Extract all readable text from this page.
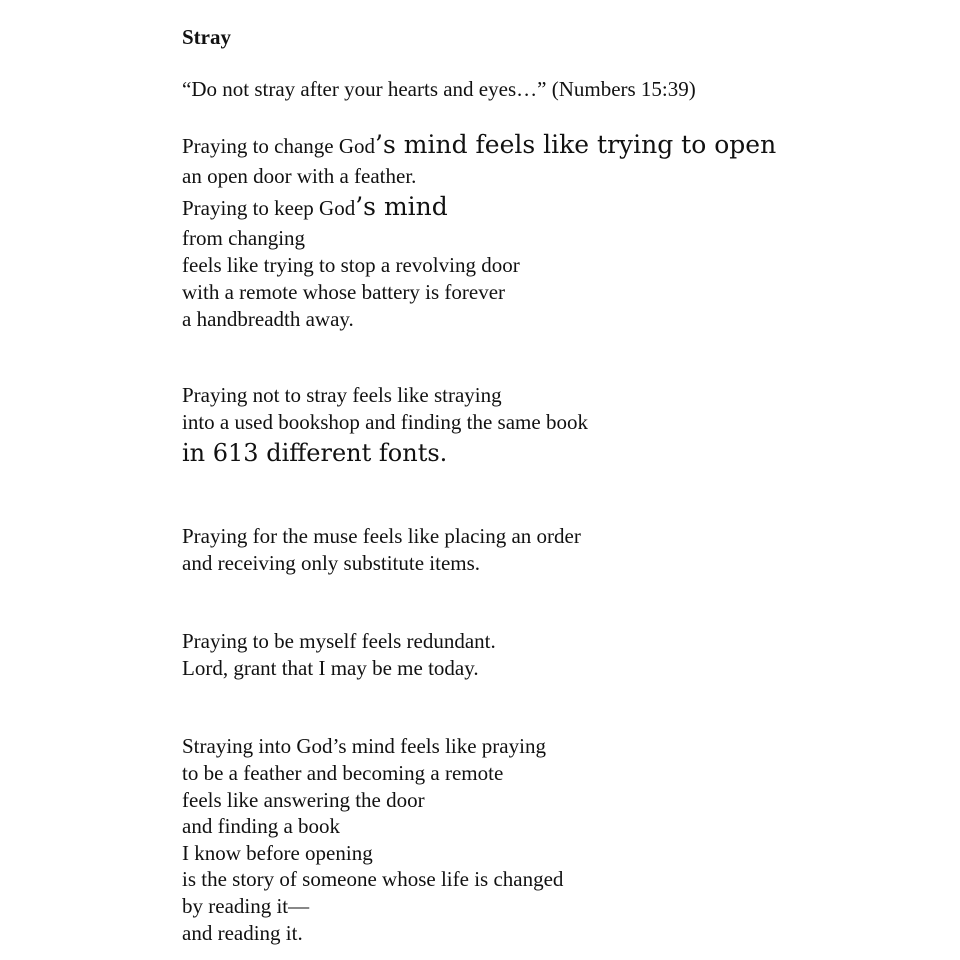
Stray

“Do not stray after your hearts and eyes…” (Numbers 15:39)

Praying to change God’s mind feels like trying to open

an open door with a feather.

Praying to keep God’s mind

from changing

feels like trying to stop a revolving door

with a remote whose battery is forever

a handbreadth away.

Praying not to stray feels like straying

into a used bookshop and finding the same book

in 613 different fonts.

Praying for the muse feels like placing an order

and receiving only substitute items.

Praying to be myself feels redundant.

Lord, grant that I may be me today.

Straying into God’s mind feels like praying

to be a feather and becoming a remote

feels like answering the door

and finding a book

I know before opening

is the story of someone whose life is changed

by reading it—

and reading it.
